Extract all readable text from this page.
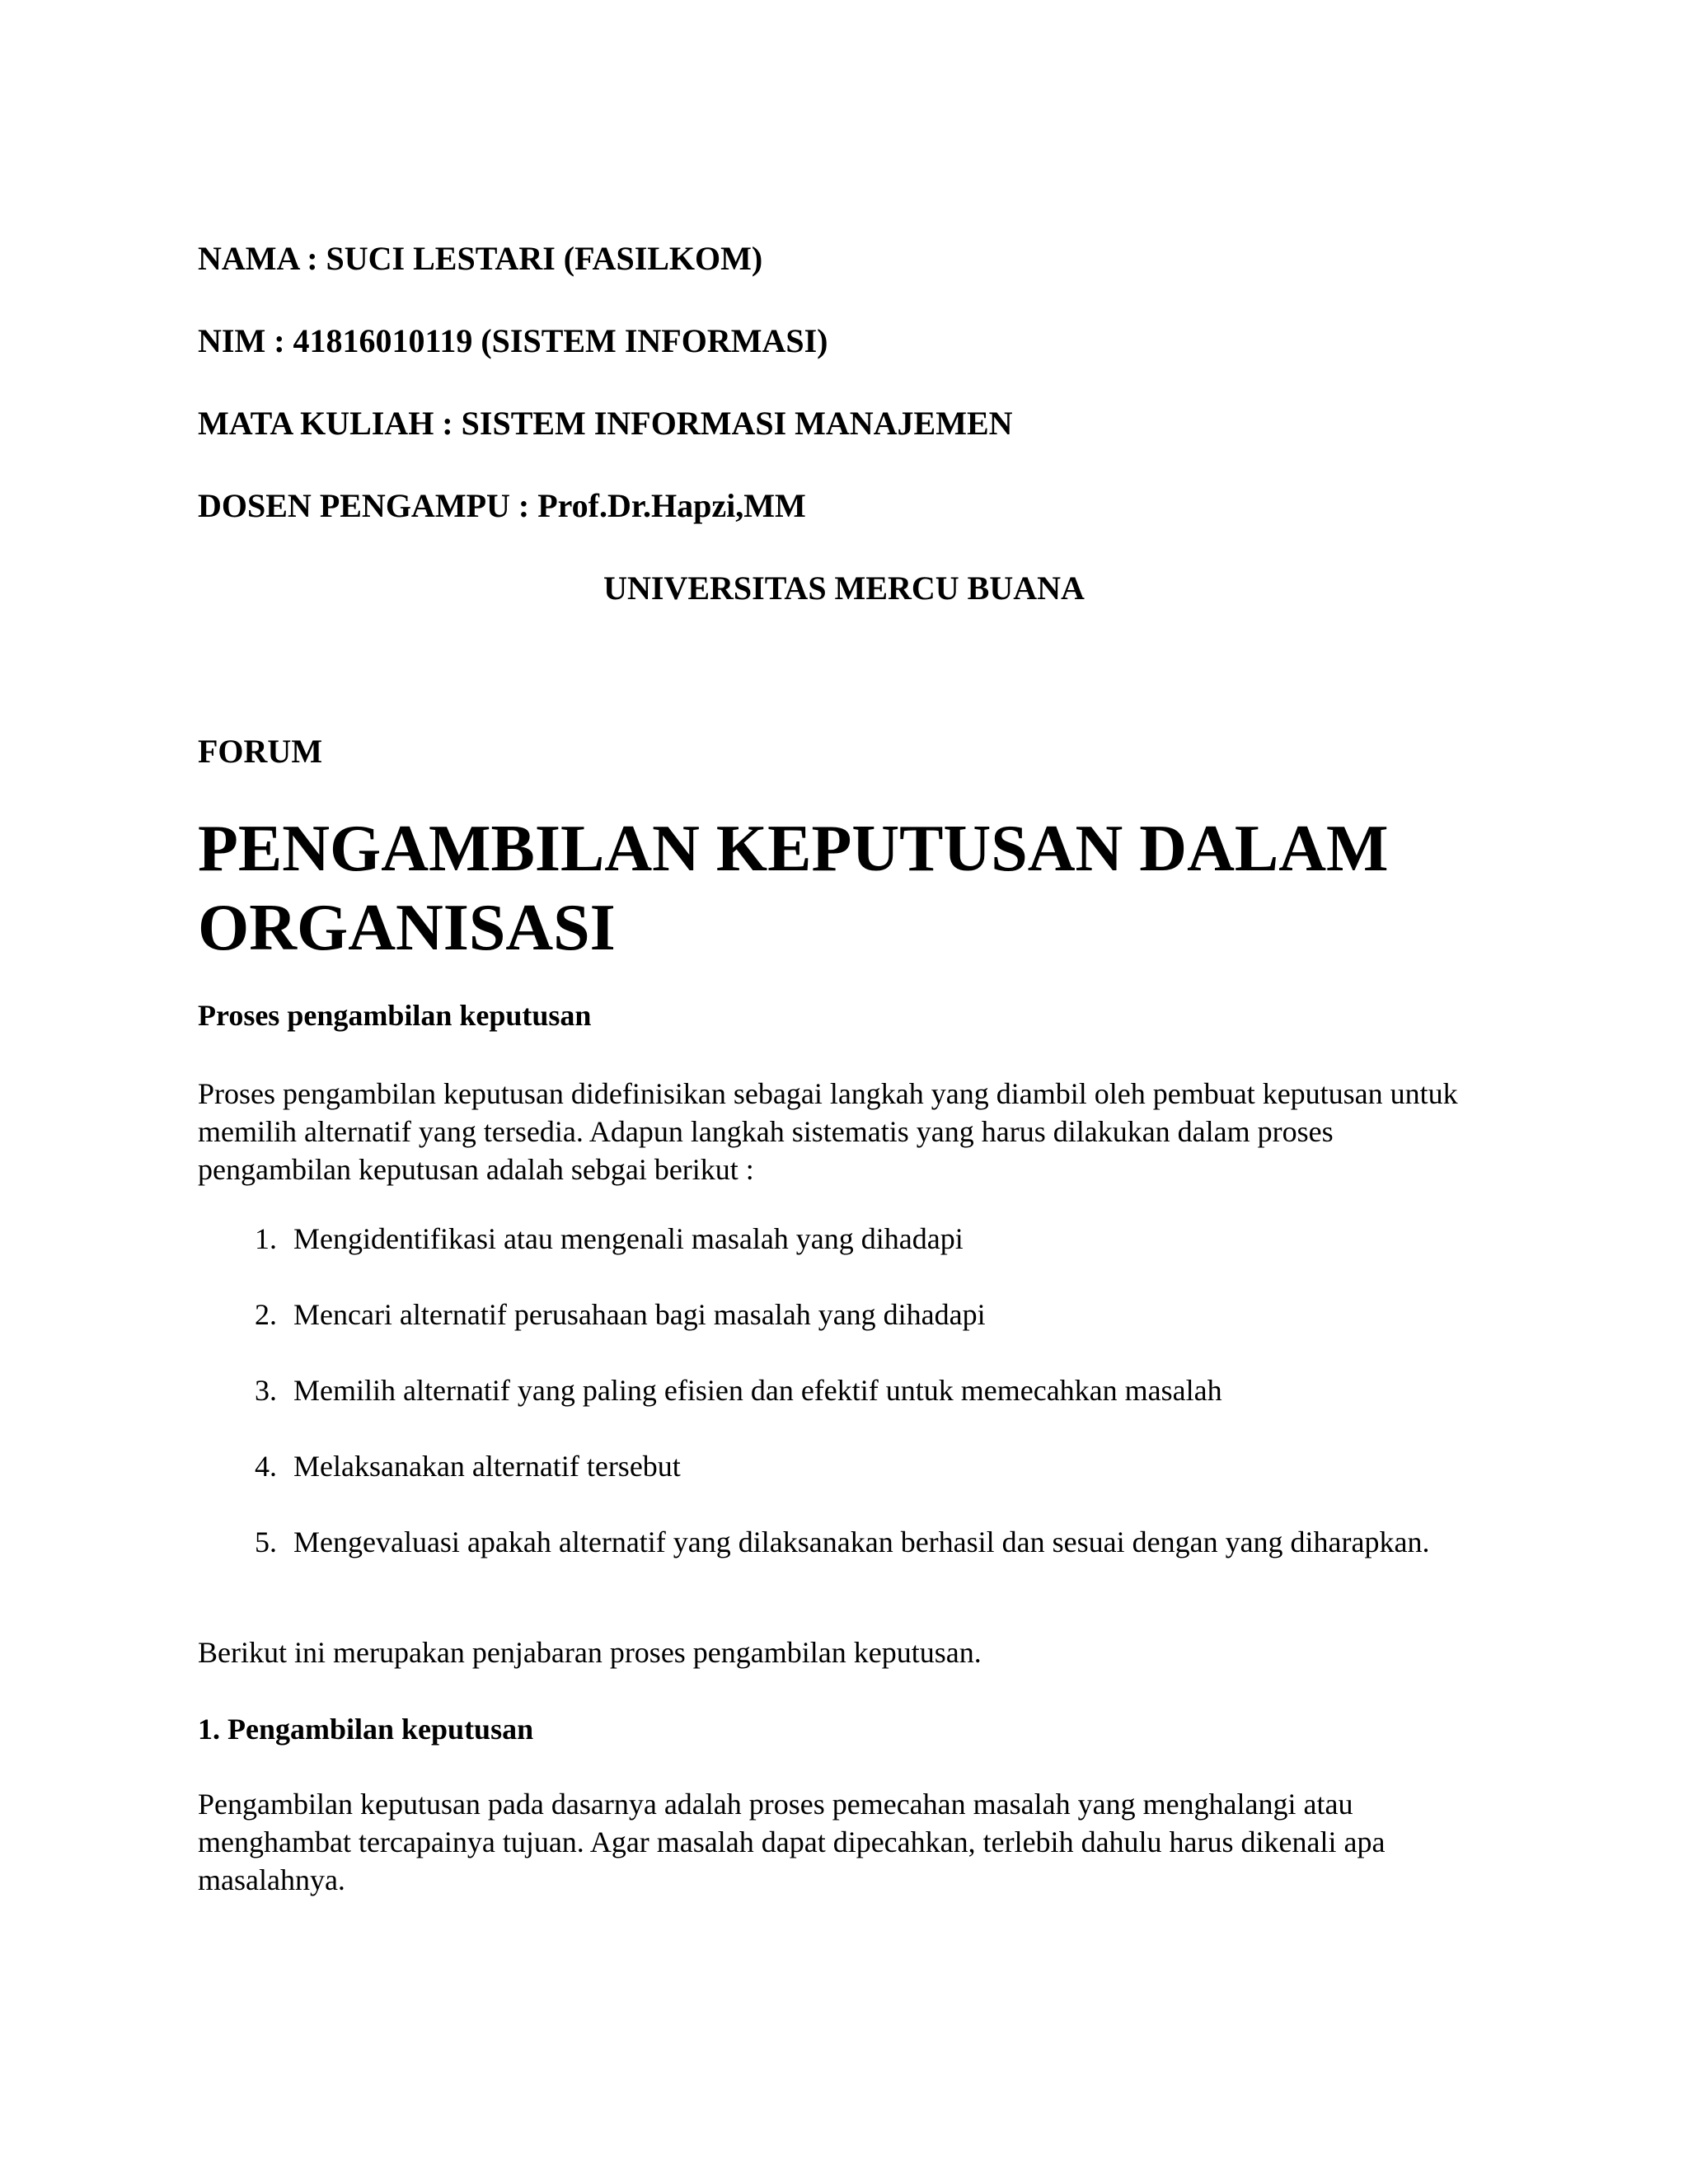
NAMA : SUCI LESTARI (FASILKOM)
NIM : 41816010119 (SISTEM INFORMASI)
MATA KULIAH : SISTEM INFORMASI MANAJEMEN
DOSEN PENGAMPU : Prof.Dr.Hapzi,MM
UNIVERSITAS MERCU BUANA
FORUM
PENGAMBILAN KEPUTUSAN DALAM ORGANISASI
Proses pengambilan keputusan
Proses pengambilan keputusan didefinisikan sebagai langkah yang diambil oleh pembuat keputusan untuk memilih alternatif yang tersedia. Adapun langkah sistematis yang harus dilakukan dalam proses pengambilan keputusan adalah sebgai berikut :
1. Mengidentifikasi atau mengenali masalah yang dihadapi
2. Mencari alternatif perusahaan bagi masalah yang dihadapi
3. Memilih alternatif yang paling efisien dan efektif untuk memecahkan masalah
4. Melaksanakan alternatif tersebut
5. Mengevaluasi apakah alternatif yang dilaksanakan berhasil dan sesuai dengan yang diharapkan.
Berikut ini merupakan penjabaran proses pengambilan keputusan.
1. Pengambilan keputusan
Pengambilan keputusan pada dasarnya adalah proses pemecahan masalah yang menghalangi atau menghambat tercapainya tujuan. Agar masalah dapat dipecahkan, terlebih dahulu harus dikenali apa masalahnya.
